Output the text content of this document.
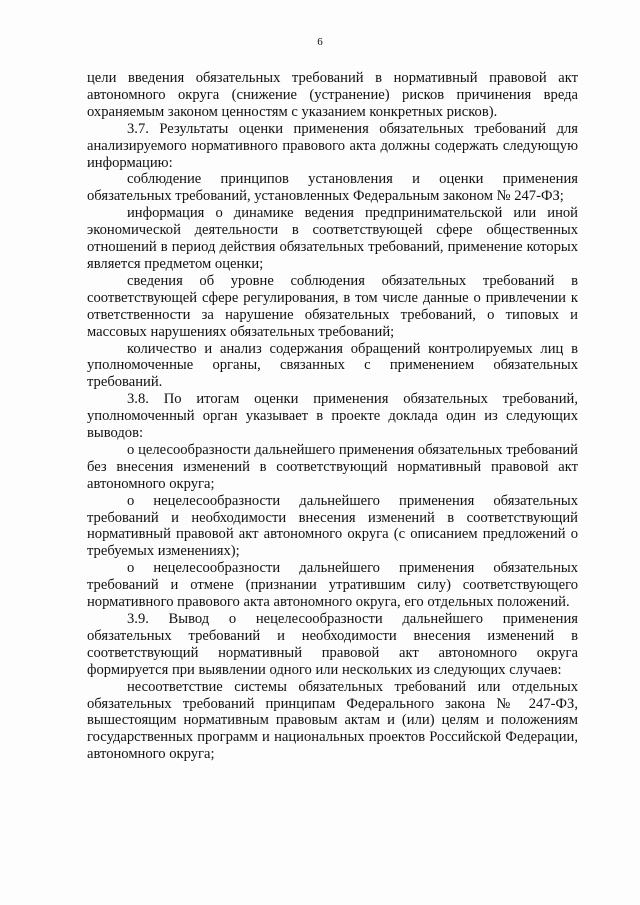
6

цели введения обязательных требований в нормативный правовой акт автономного округа (снижение (устранение) рисков причинения вреда охраняемым законом ценностям с указанием конкретных рисков).

3.7. Результаты оценки применения обязательных требований для анализируемого нормативного правового акта должны содержать следующую информацию:

соблюдение принципов установления и оценки применения обязательных требований, установленных Федеральным законом № 247-ФЗ;

информация о динамике ведения предпринимательской или иной экономической деятельности в соответствующей сфере общественных отношений в период действия обязательных требований, применение которых является предметом оценки;

сведения об уровне соблюдения обязательных требований в соответствующей сфере регулирования, в том числе данные о привлечении к ответственности за нарушение обязательных требований, о типовых и массовых нарушениях обязательных требований;

количество и анализ содержания обращений контролируемых лиц в уполномоченные органы, связанных с применением обязательных требований.

3.8. По итогам оценки применения обязательных требований, уполномоченный орган указывает в проекте доклада один из следующих выводов:

о целесообразности дальнейшего применения обязательных требований без внесения изменений в соответствующий нормативный правовой акт автономного округа;

о нецелесообразности дальнейшего применения обязательных требований и необходимости внесения изменений в соответствующий нормативный правовой акт автономного округа (с описанием предложений о требуемых изменениях);

о нецелесообразности дальнейшего применения обязательных требований и отмене (признании утратившим силу) соответствующего нормативного правового акта автономного округа, его отдельных положений.

3.9. Вывод о нецелесообразности дальнейшего применения обязательных требований и необходимости внесения изменений в соответствующий нормативный правовой акт автономного округа формируется при выявлении одного или нескольких из следующих случаев:

несоответствие системы обязательных требований или отдельных обязательных требований принципам Федерального закона № 247-ФЗ, вышестоящим нормативным правовым актам и (или) целям и положениям государственных программ и национальных проектов Российской Федерации, автономного округа;
